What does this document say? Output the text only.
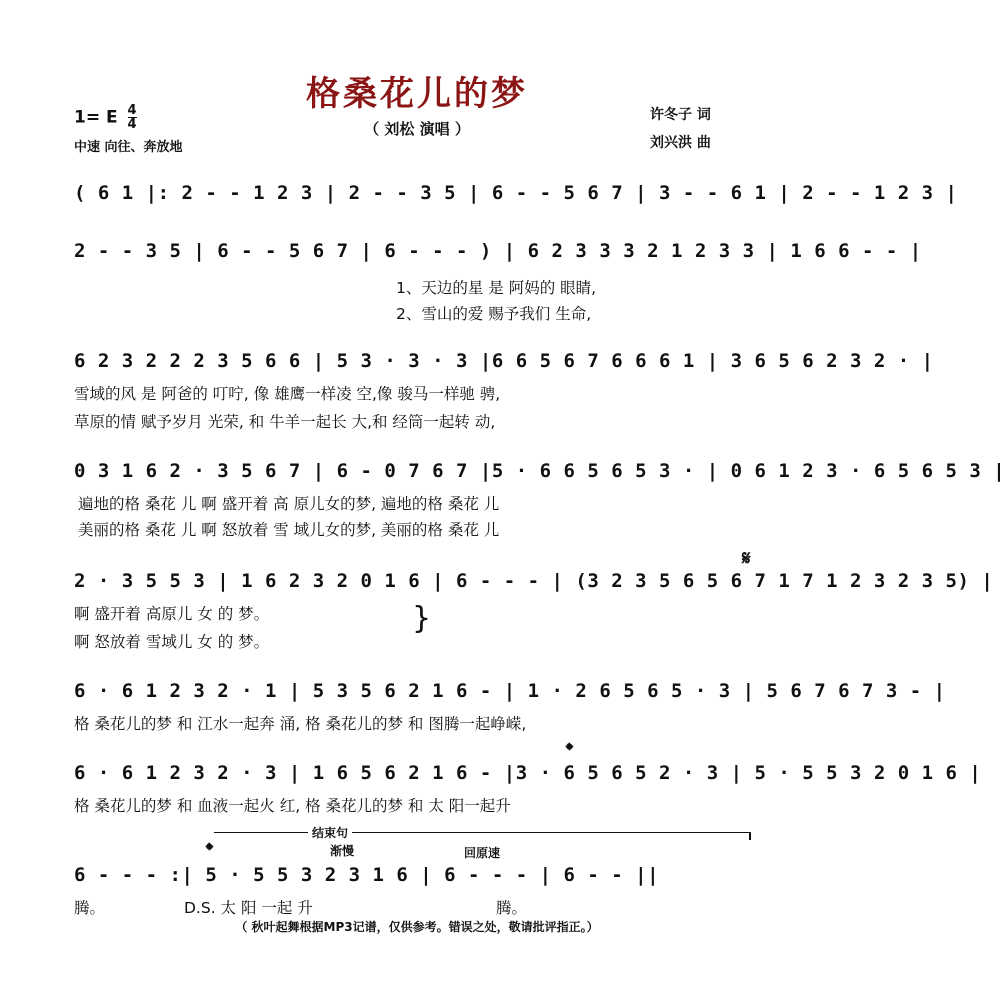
格桑花儿的梦
（ 刘松 演唱 ）
1= E $\frac{4}{4}$
中速 向往、奔放地
许冬子 词
刘兴洪 曲
( 6 1 |: 2 - - 1 2 3 | 2 - - 3 5 | 6 - - 5 6 7 | 3 - - 6 1 | 2 - - 1 2 3 |
2 - - 3 5 | 6 - - 5 6 7 | 6 - - - ) | 6 2 3 3 3 2 1 2 3 3 | 1 6 6 - - |
1、天边的星 是 阿妈的 眼睛,
2、雪山的爱 赐予我们 生命,
6 2 3 2 2 2 3 5 6 6 | 5 3 · 3 · 3 |6 6 5 6 7 6 6 6 1 | 3 6 5 6 2 3 2 · |
雪域的风 是 阿爸的 叮咛, 像 雄鹰一样凌 空,像 骏马一样驰 骋,
草原的情 赋予岁月 光荣, 和 牛羊一起长 大,和 经筒一起转 动,
0 3 1 6 2 · 3 5 6 7 | 6 - 0 7 6 7 |5 · 6 6 5 6 5 3 · | 0 6 1 2 3 · 6 5 6 5 3 |
遍地的格 桑花 儿 啊 盛开着 高 原儿女的梦, 遍地的格 桑花 儿
美丽的格 桑花 儿 啊 怒放着 雪 域儿女的梦, 美丽的格 桑花 儿
𝄋
2 · 3 5 5 3 | 1 6 2 3 2 0 1 6 | 6 - - - | (3 2 3 5 6 5 6 7 1 7 1 2 3 2 3 5) |
啊 盛开着 高原儿 女 的 梦。
啊 怒放着 雪域儿 女 的 梦。
}
6 · 6 1 2 3 2 · 1 | 5 3 5 6 2 1 6 - | 1 · 2 6 5 6 5 · 3 | 5 6 7 6 7 3 - |
格 桑花儿的梦 和 江水一起奔 涌, 格 桑花儿的梦 和 图腾一起峥嵘,
𝄌
6 · 6 1 2 3 2 · 3 | 1 6 5 6 2 1 6 - |3 · 6 5 6 5 2 · 3 | 5 · 5 5 3 2 0 1 6 |
格 桑花儿的梦 和 血液一起火 红, 格 桑花儿的梦 和 太 阳一起升
结束句
渐慢	回原速
𝄌
6 - - - :| 5 · 5 5 3 2 3 1 6 | 6 - - - | 6 - - ||
腾。	D.S. 太 阳 一起 升	腾。
（ 秋叶起舞根据MP3记谱，仅供参考。错误之处，敬请批评指正。）
